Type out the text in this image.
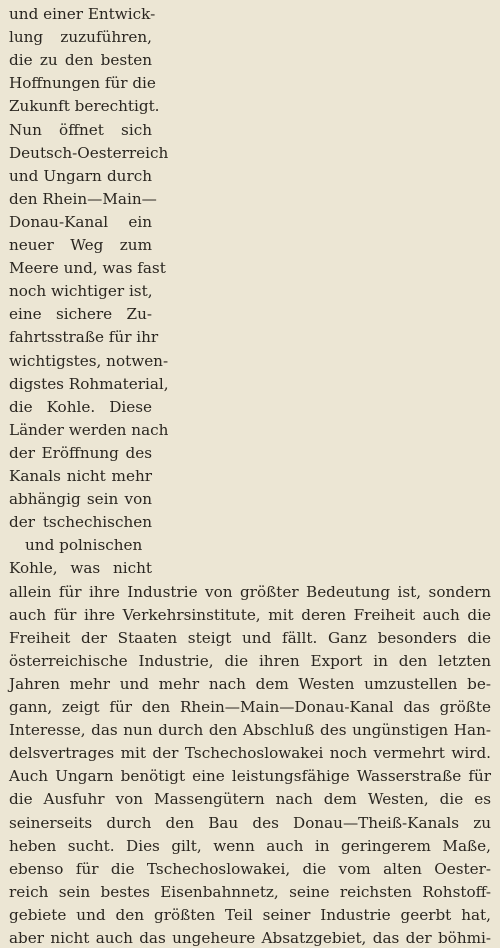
und einer Entwick-
lung zuzuführen,
die zu den besten
Hoffnungen für die
Zukunft berechtigt.
Nun öffnet sich
Deutsch-Oesterreich
und Ungarn durch
den Rhein—Main—
Donau-Kanal ein
neuer Weg zum
Meere und, was fast
noch wichtiger ist,
eine sichere Zu-
fahrtsstraße für ihr
wichtigstes, notwen-
digstes Rohmaterial,
die Kohle. Diese
Länder werden nach
der Eröffnung des
Kanals nicht mehr
abhängig sein von
der tschechischen
und polnischen
Kohle, was nicht
allein für ihre Industrie von größter Bedeutung ist, sondern
auch für ihre Verkehrsinstitute, mit deren Freiheit auch die
Freiheit der Staaten steigt und fällt. Ganz besonders die
österreichische Industrie, die ihren Export in den letzten
Jahren mehr und mehr nach dem Westen umzustellen be-
gann, zeigt für den Rhein—Main—Donau-Kanal das größte
Interesse, das nun durch den Abschluß des ungünstigen Han-
delsvertrages mit der Tschechoslowakei noch vermehrt wird.
Auch Ungarn benötigt eine leistungsfähige Wasserstraße für
die Ausfuhr von Massengütern nach dem Westen, die es
seinerseits durch den Bau des Donau—Theiß-Kanals zu
heben sucht. Dies gilt, wenn auch in geringerem Maße,
ebenso für die Tschechoslowakei, die vom alten Oester-
reich sein bestes Eisenbahnnetz, seine reichsten Rohstoff-
gebiete und den größten Teil seiner Industrie geerbt hat,
aber nicht auch das ungeheure Absatzgebiet, das der böhmi-
